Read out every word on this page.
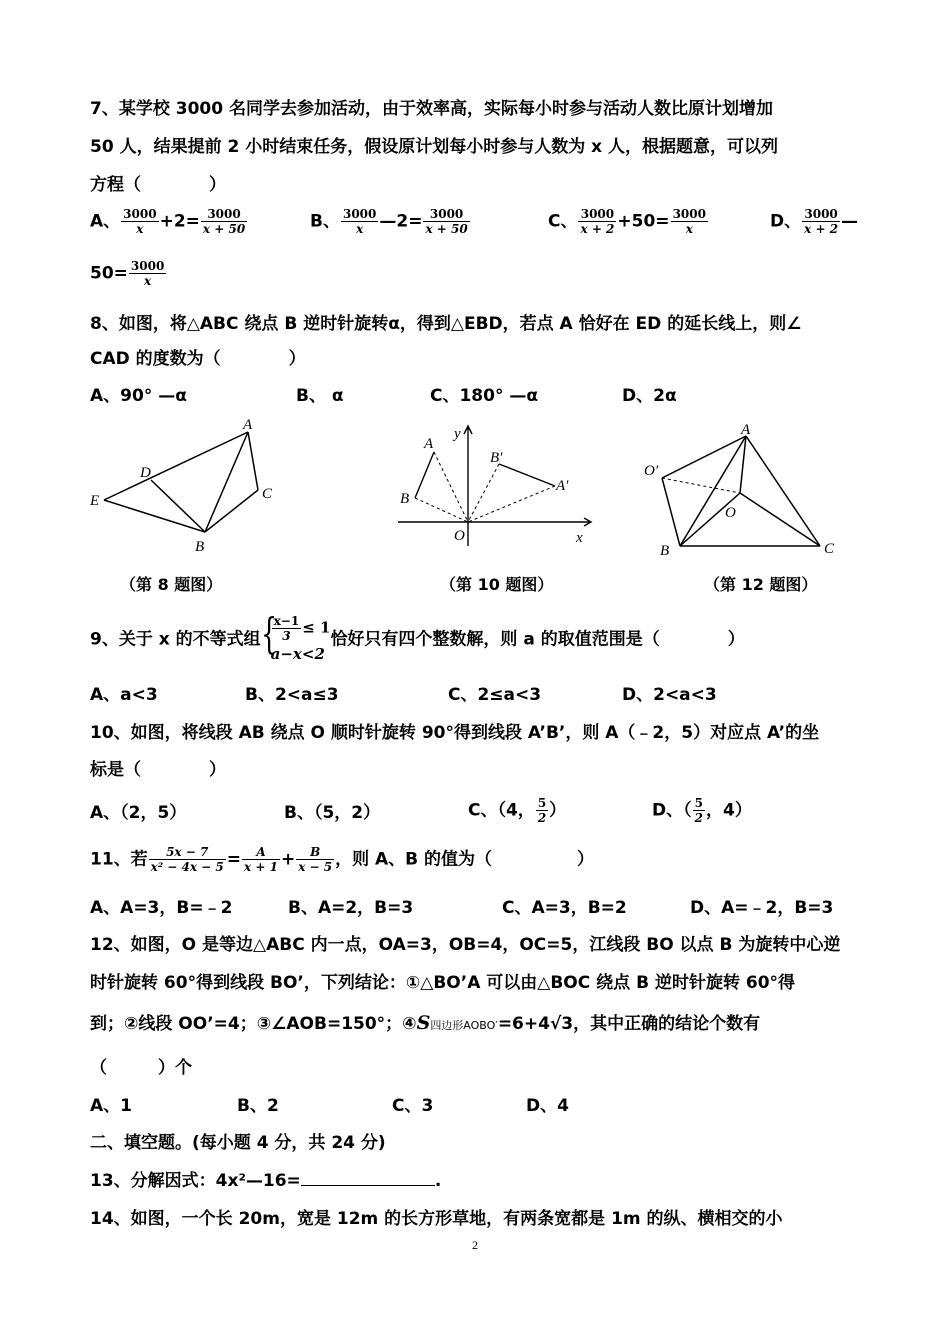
7、某学校 3000 名同学去参加活动，由于效率高，实际每小时参与活动人数比原计划增加
50 人，结果提前 2 小时结束任务，假设原计划每小时参与人数为 x 人，根据题意，可以列
方程（　　　　）
A、 $\frac{3000}{x} +2= \frac{3000}{x + 50}$	B、 $\frac{3000}{x}$ —2= $\frac{3000}{x + 50}$	C、 $\frac{3000}{x + 2} +50= \frac{3000}{x}$	D、 $\frac{3000}{x + 2}$ —
$50= \frac{3000}{x}$
8、如图，将△ABC 绕点 B 逆时针旋转α，得到△EBD，若点 A 恰好在 ED 的延长线上，则∠
CAD 的度数为（　　　　）
A、90° —α	B、 α	C、180° —α	D、2α
A
D
E	C
B
（第 8 题图）
A
y
B′
A′
B
O	x
（第 10 题图）
A
O′
O
B	C
（第 12 题图）
9、关于 x 的不等式组 {
$\frac{x-1}{3} \le 1$
a−x<2
恰好只有四个整数解，则 a 的取值范围是（　　　　）
A、a<3	B、2<a≤3	C、2≤a<3	D、2<a<3
10、如图，将线段 AB 绕点 O 顺时针旋转 90°得到线段 A’B’，则 A（﹣2，5）对应点 A’的坐
标是（　　　　）
A、（2，5）	B、（5，2）	C、（4， $\frac{5}{2}$ ）	D、（ $\frac{5}{2}$ ，4）
11、若 $\frac{5x - 7}{\text{x² − 4x − 5}} = \frac{A}{x + 1} + \frac{B}{x - 5}$ ，则 A、B 的值为（　　　　　）
A、A=3，B=﹣2	B、A=2，B=3	C、A=3，B=2	D、A=﹣2，B=3
12、如图，O 是等边△ABC 内一点，OA=3，OB=4，OC=5，江线段 BO 以点 B 为旋转中心逆
时针旋转 60°得到线段 BO’，下列结论：①△BO’A 可以由△BOC 绕点 B 逆时针旋转 60°得
到；②线段 OO’=4；③∠AOB=150°；④S四边形AOBO′=6+4√3，其中正确的结论个数有
（　　　）个
A、1	B、2	C、3	D、4
二、填空题。(每小题 4 分，共 24 分)
13、分解因式：4x²—16=	.
14、如图，一个长 20m，宽是 12m 的长方形草地，有两条宽都是 1m 的纵、横相交的小
2
